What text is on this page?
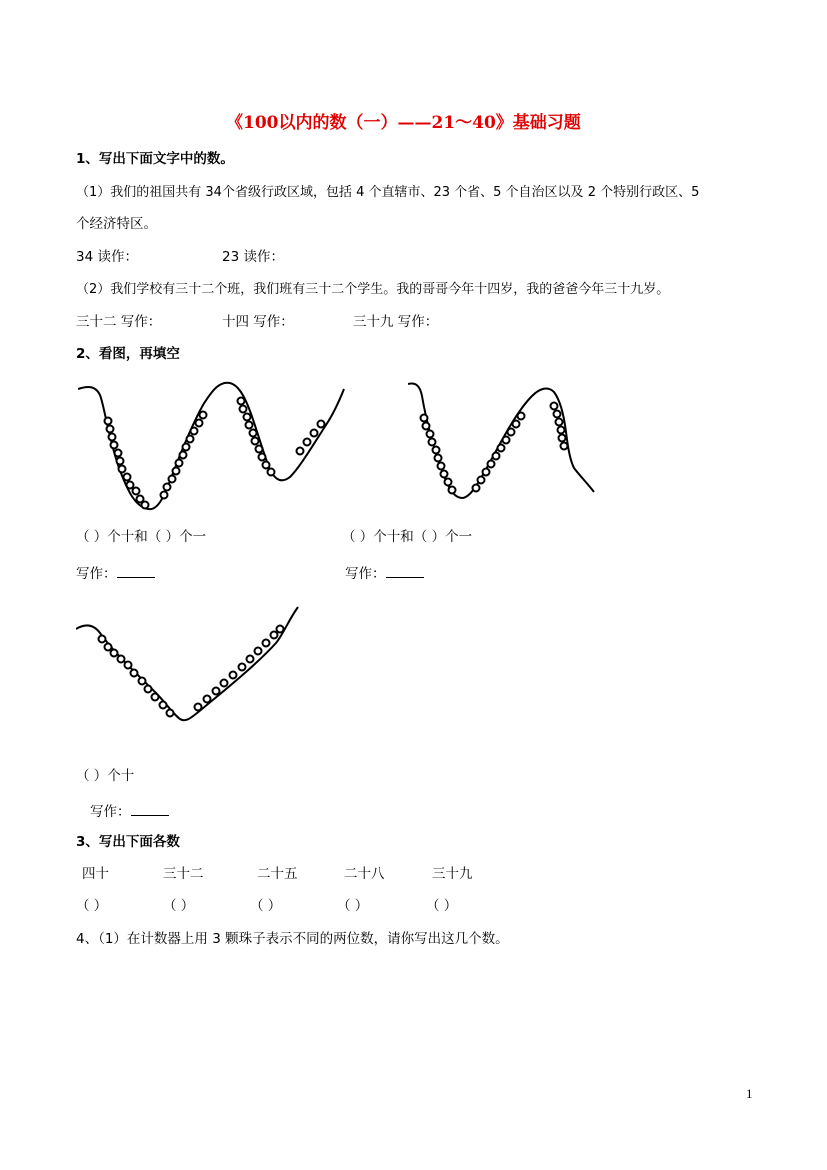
《100以内的数（一）——21～40》基础习题
1、写出下面文字中的数。
（1）我们的祖国共有 34个省级行政区域，包括 4 个直辖市、23 个省、5 个自治区以及 2 个特别行政区、5
个经济特区。
34 读作：	23 读作：
（2）我们学校有三十二个班，我们班有三十二个学生。我的哥哥今年十四岁，我的爸爸今年三十九岁。
三十二 写作：	十四 写作：	三十九 写作：
2、看图，再填空
（ ）个十和（ ）个一	（ ）个十和（ ）个一
写作：	写作：
（ ）个十
写作：
3、写出下面各数
四十	三十二	二十五	二十八	三十九
（ ）	（ ）	（ ）	（ ）	（ ）
4、（1）在计数器上用 3 颗珠子表示不同的两位数，请你写出这几个数。
1
